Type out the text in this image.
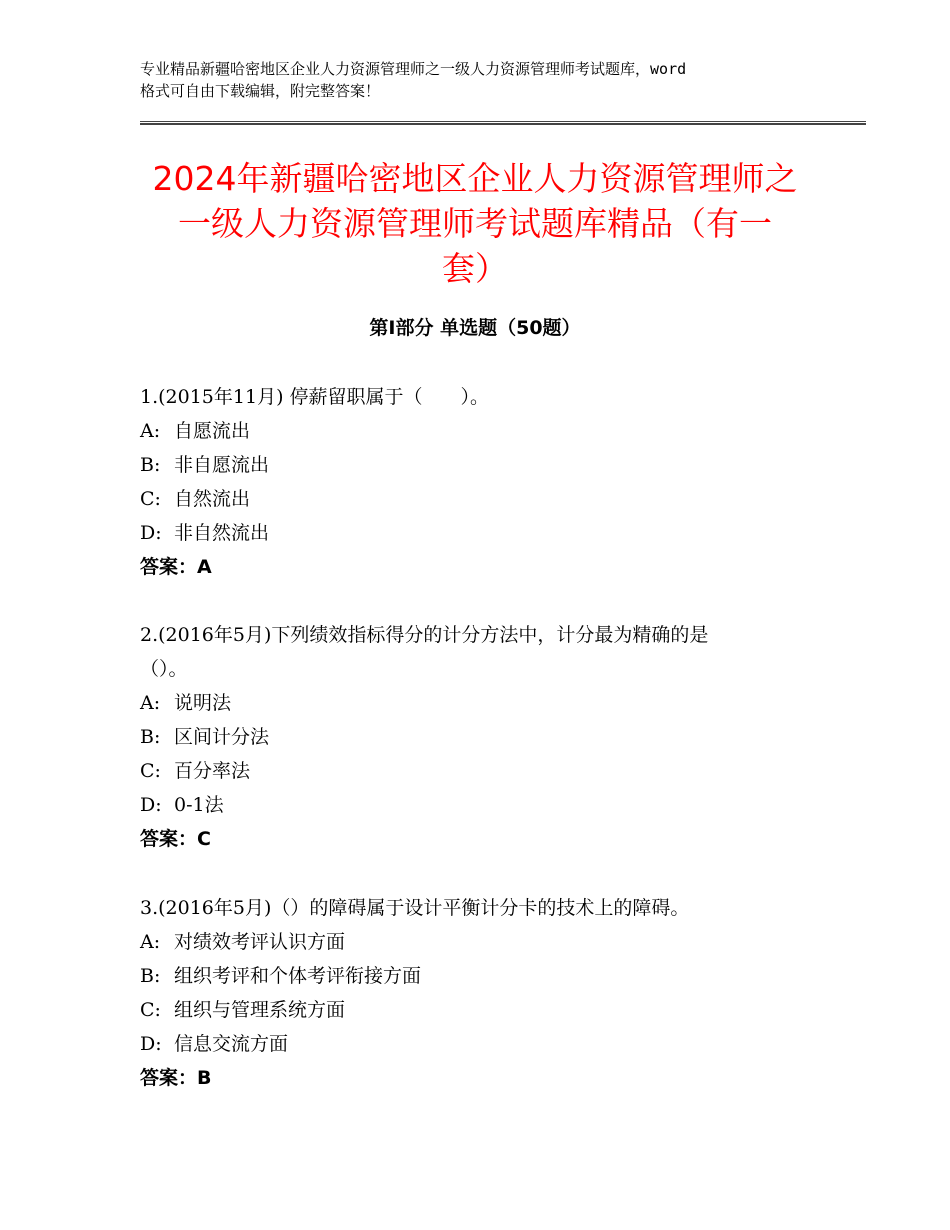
专业精品新疆哈密地区企业人力资源管理师之一级人力资源管理师考试题库，word
格式可自由下载编辑，附完整答案！
2024年新疆哈密地区企业人力资源管理师之
一级人力资源管理师考试题库精品（有一
套）
第Ⅰ部分 单选题（50题）
1.(2015年11月) 停薪留职属于（　　）。
A: 自愿流出
B: 非自愿流出
C: 自然流出
D: 非自然流出
答案：A
2.(2016年5月)下列绩效指标得分的计分方法中，计分最为精确的是
（）。
A: 说明法
B: 区间计分法
C: 百分率法
D: 0-1法
答案：C
3.(2016年5月)（）的障碍属于设计平衡计分卡的技术上的障碍。
A: 对绩效考评认识方面
B: 组织考评和个体考评衔接方面
C: 组织与管理系统方面
D: 信息交流方面
答案：B
